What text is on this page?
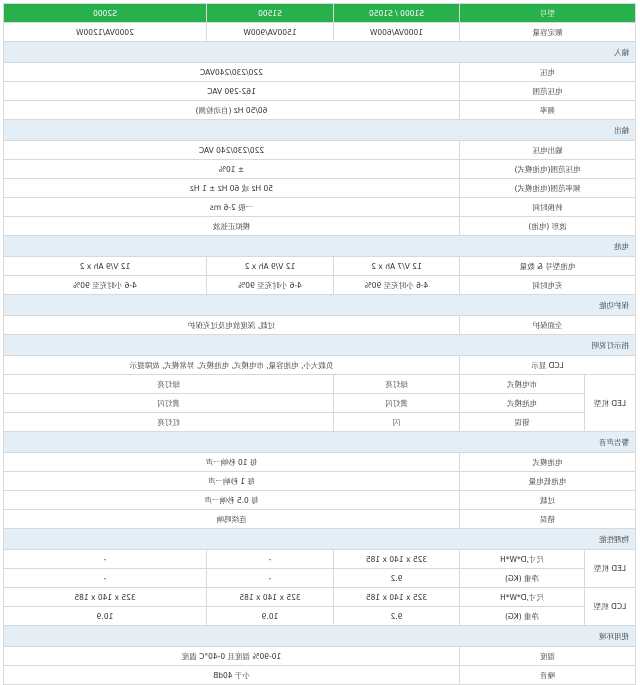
型号		S1000 / S1050	S1500	S2000
额定容量		1000VA/600W	1500VA/900W	2000VA/1200W
输入				
电压		220/230/240VAC		
电压范围		162-290 VAC		
频率		60/50 Hz (自动检测)		
输出				
输出电压		220/230/240 VAC		
电压范围(电池模式)		± 10%		
频率范围(电池模式)		50 Hz 或 60 Hz ± 1 Hz		
转换时间		一般 2-6 ms		
波形 (电池)		模拟正弦波		
电池				
电池型号 & 数量		12 V/7 Ah x 2	12 V/9 Ah x 2	12 V/9 Ah x 2
充电时间		4-6 小时充至 90%	4-6 小时充至 90%	4-6 小时充至 90%
保护功能				
全面保护		过载, 深度放电及过充保护		
指示灯说明				
LCD 显示		负载大小, 电池容量, 市电模式, 电池模式, 异常模式, 故障提示		
LED 机型	市电模式	绿灯亮	绿灯亮	
	电池模式	黄灯闪	黄灯闪	
	错误	闪	红灯亮	
警告声音				
电池模式		每 10 秒响一声		
电池低电量		每 1 秒响一声		
过载		每 0.5 秒响一声		
错误		连续鸣响		
物理性能				
LED 机型	尺寸,D*W*H	325 x 140 x 185	-	-
	净重 (KG)	9.2	-	-
LCD 机型	尺寸,D*W*H	325 x 140 x 185	325 x 140 x 185	325 x 140 x 185
	净重 (KG)	9.2	10.9	10.9
使用环境				
湿度		10-90% 湿度且 0-40°C 温度		
噪音		小于 40dB		
